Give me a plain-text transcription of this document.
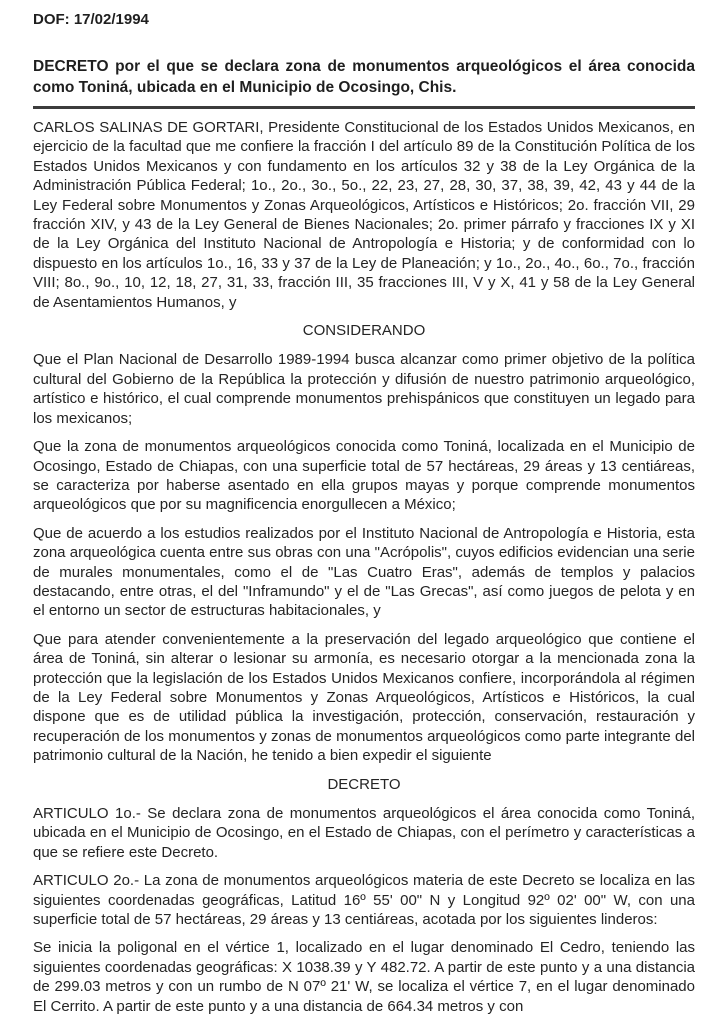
DOF: 17/02/1994

DECRETO por el que se declara zona de monumentos arqueológicos el área conocida como Toniná, ubicada en el Municipio de Ocosingo, Chis.

CARLOS SALINAS DE GORTARI, Presidente Constitucional de los Estados Unidos Mexicanos, en ejercicio de la facultad que me confiere la fracción I del artículo 89 de la Constitución Política de los Estados Unidos Mexicanos y con fundamento en los artículos 32 y 38 de la Ley Orgánica de la Administración Pública Federal; 1o., 2o., 3o., 5o., 22, 23, 27, 28, 30, 37, 38, 39, 42, 43 y 44 de la Ley Federal sobre Monumentos y Zonas Arqueológicos, Artísticos e Históricos; 2o. fracción VII, 29 fracción XIV, y 43 de la Ley General de Bienes Nacionales; 2o. primer párrafo y fracciones IX y XI de la Ley Orgánica del Instituto Nacional de Antropología e Historia; y de conformidad con lo dispuesto en los artículos 1o., 16, 33 y 37 de la Ley de Planeación; y 1o., 2o., 4o., 6o., 7o., fracción VIII; 8o., 9o., 10, 12, 18, 27, 31, 33, fracción III, 35 fracciones III, V y X, 41 y 58 de la Ley General de Asentamientos Humanos, y

CONSIDERANDO

Que el Plan Nacional de Desarrollo 1989-1994 busca alcanzar como primer objetivo de la política cultural del Gobierno de la República la protección y difusión de nuestro patrimonio arqueológico, artístico e histórico, el cual comprende monumentos prehispánicos que constituyen un legado para los mexicanos;

Que la zona de monumentos arqueológicos conocida como Toniná, localizada en el Municipio de Ocosingo, Estado de Chiapas, con una superficie total de 57 hectáreas, 29 áreas y 13 centiáreas, se caracteriza por haberse asentado en ella grupos mayas y porque comprende monumentos arqueológicos que por su magnificencia enorgullecen a México;

Que de acuerdo a los estudios realizados por el Instituto Nacional de Antropología e Historia, esta zona arqueológica cuenta entre sus obras con una "Acrópolis", cuyos edificios evidencian una serie de murales monumentales, como el de "Las Cuatro Eras", además de templos y palacios destacando, entre otras, el del "Inframundo" y el de "Las Grecas", así como juegos de pelota y en el entorno un sector de estructuras habitacionales, y

Que para atender convenientemente a la preservación del legado arqueológico que contiene el área de Toniná, sin alterar o lesionar su armonía, es necesario otorgar a la mencionada zona la protección que la legislación de los Estados Unidos Mexicanos confiere, incorporándola al régimen de la Ley Federal sobre Monumentos y Zonas Arqueológicos, Artísticos e Históricos, la cual dispone que es de utilidad pública la investigación, protección, conservación, restauración y recuperación de los monumentos y zonas de monumentos arqueológicos como parte integrante del patrimonio cultural de la Nación, he tenido a bien expedir el siguiente

DECRETO

ARTICULO 1o.- Se declara zona de monumentos arqueológicos el área conocida como Toniná, ubicada en el Municipio de Ocosingo, en el Estado de Chiapas, con el perímetro y características a que se refiere este Decreto.

ARTICULO 2o.- La zona de monumentos arqueológicos materia de este Decreto se localiza en las siguientes coordenadas geográficas, Latitud 16º 55' 00" N y Longitud 92º 02' 00" W, con una superficie total de 57 hectáreas, 29 áreas y 13 centiáreas, acotada por los siguientes linderos:

Se inicia la poligonal en el vértice 1, localizado en el lugar denominado El Cedro, teniendo las siguientes coordenadas geográficas: X 1038.39 y Y 482.72. A partir de este punto y a una distancia de 299.03 metros y con un rumbo de N 07º 21' W, se localiza el vértice 7, en el lugar denominado El Cerrito. A partir de este punto y a una distancia de 664.34 metros y con
